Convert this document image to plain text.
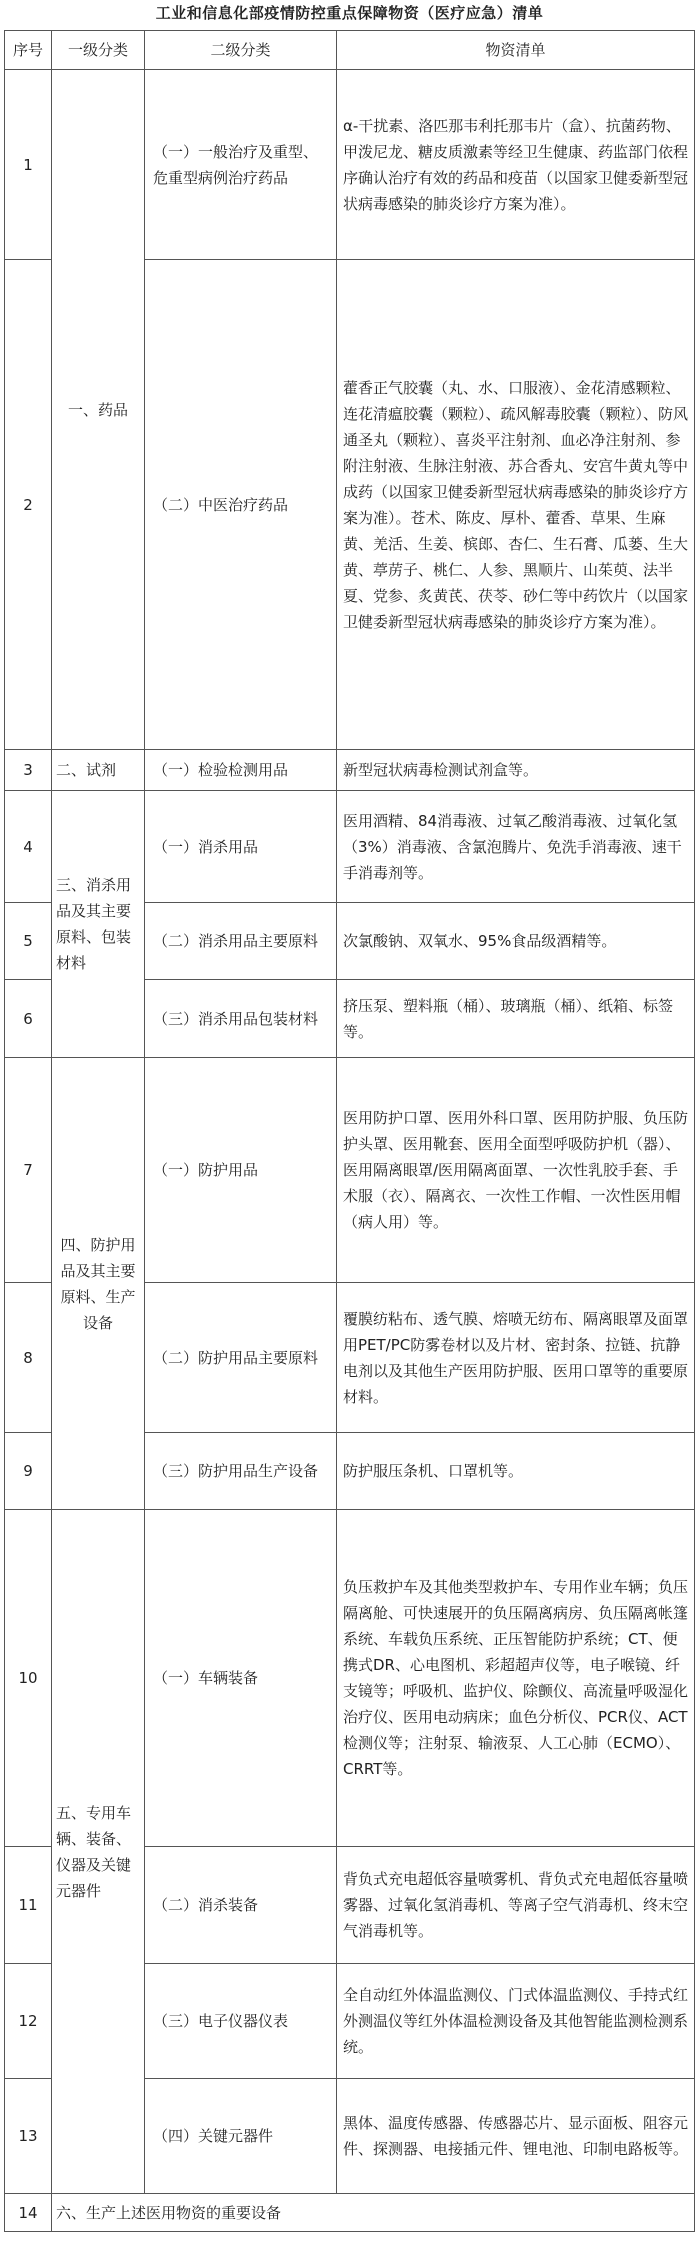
工业和信息化部疫情防控重点保障物资（医疗应急）清单
序号	一级分类	二级分类	物资清单
1	一、药品	（一）一般治疗及重型、危重型病例治疗药品	α-干扰素、洛匹那韦利托那韦片（盒）、抗菌药物、甲泼尼龙、糖皮质激素等经卫生健康、药监部门依程序确认治疗有效的药品和疫苗（以国家卫健委新型冠状病毒感染的肺炎诊疗方案为准）。
2		（二）中医治疗药品	藿香正气胶囊（丸、水、口服液）、金花清感颗粒、连花清瘟胶囊（颗粒）、疏风解毒胶囊（颗粒）、防风通圣丸（颗粒）、喜炎平注射剂、血必净注射剂、参附注射液、生脉注射液、苏合香丸、安宫牛黄丸等中成药（以国家卫健委新型冠状病毒感染的肺炎诊疗方案为准）。苍术、陈皮、厚朴、藿香、草果、生麻黄、羌活、生姜、槟郎、杏仁、生石膏、瓜蒌、生大黄、葶苈子、桃仁、人参、黑顺片、山茱萸、法半夏、党参、炙黄芪、茯苓、砂仁等中药饮片（以国家卫健委新型冠状病毒感染的肺炎诊疗方案为准）。
3	二、试剂	（一）检验检测用品	新型冠状病毒检测试剂盒等。
4	三、消杀用品及其主要原料、包装材料	（一）消杀用品	医用酒精、84消毒液、过氧乙酸消毒液、过氧化氢（3%）消毒液、含氯泡腾片、免洗手消毒液、速干手消毒剂等。
5		（二）消杀用品主要原料	次氯酸钠、双氧水、95%食品级酒精等。
6		（三）消杀用品包装材料	挤压泵、塑料瓶（桶）、玻璃瓶（桶）、纸箱、标签等。
7	四、防护用品及其主要原料、生产设备	（一）防护用品	医用防护口罩、医用外科口罩、医用防护服、负压防护头罩、医用靴套、医用全面型呼吸防护机（器）、医用隔离眼罩/医用隔离面罩、一次性乳胶手套、手术服（衣）、隔离衣、一次性工作帽、一次性医用帽（病人用）等。
8		（二）防护用品主要原料	覆膜纺粘布、透气膜、熔喷无纺布、隔离眼罩及面罩用PET/PC防雾卷材以及片材、密封条、拉链、抗静电剂以及其他生产医用防护服、医用口罩等的重要原材料。
9		（三）防护用品生产设备	防护服压条机、口罩机等。
10	五、专用车辆、装备、仪器及关键元器件	（一）车辆装备	负压救护车及其他类型救护车、专用作业车辆；负压隔离舱、可快速展开的负压隔离病房、负压隔离帐篷系统、车载负压系统、正压智能防护系统；CT、便携式DR、心电图机、彩超超声仪等，电子喉镜、纤支镜等；呼吸机、监护仪、除颤仪、高流量呼吸湿化治疗仪、医用电动病床；血色分析仪、PCR仪、ACT检测仪等；注射泵、输液泵、人工心肺（ECMO）、CRRT等。
11		（二）消杀装备	背负式充电超低容量喷雾机、背负式充电超低容量喷雾器、过氧化氢消毒机、等离子空气消毒机、终末空气消毒机等。
12		（三）电子仪器仪表	全自动红外体温监测仪、门式体温监测仪、手持式红外测温仪等红外体温检测设备及其他智能监测检测系统。
13		（四）关键元器件	黑体、温度传感器、传感器芯片、显示面板、阻容元件、探测器、电接插元件、锂电池、印制电路板等。
14	六、生产上述医用物资的重要设备		
